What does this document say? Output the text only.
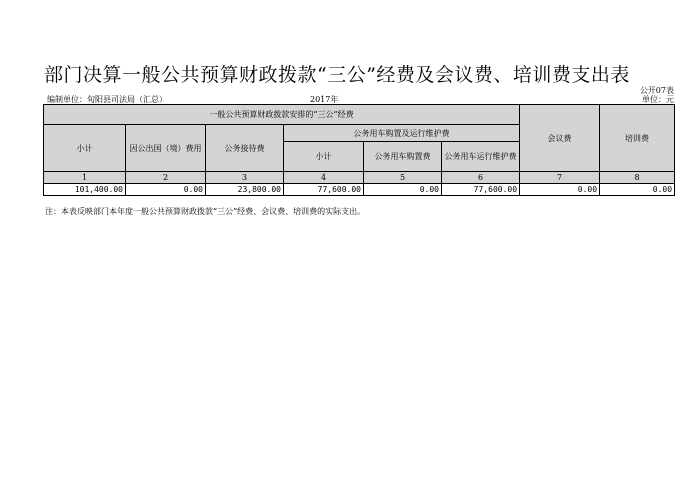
部门决算一般公共预算财政拨款“三公”经费及会议费、培训费支出表
公开07表
编制单位：旬阳县司法局（汇总）	2017年	单位：元
一般公共预算财政拨款安排的“三公”经费						会议费	培训费
小计	因公出国（境）费用	公务接待费	公务用车购置及运行维护费				
			小计	公务用车购置费	公务用车运行维护费		
1	2	3	4	5	6	7	8
101,400.00	0.00	23,800.00	77,600.00	0.00	77,600.00	0.00	0.00
注：本表反映部门本年度一般公共预算财政拨款“三公”经费、会议费、培训费的实际支出。
